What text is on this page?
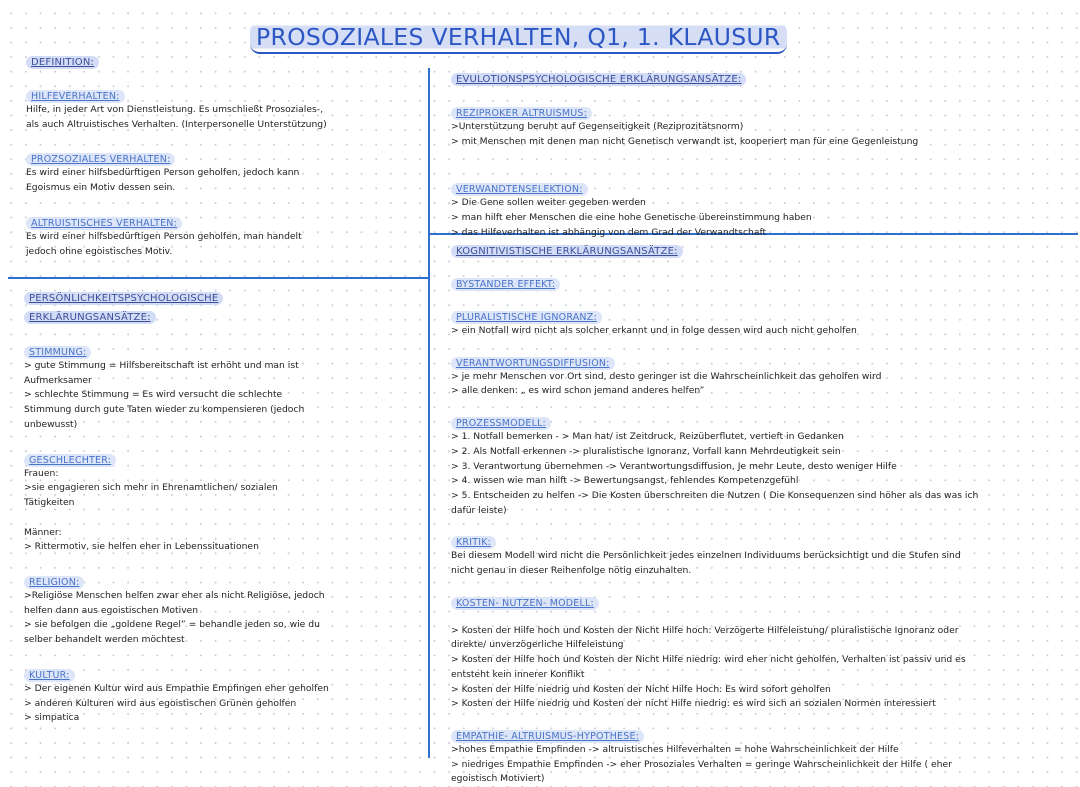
PROSOZIALES VERHALTEN, Q1, 1. KLAUSUR
DEFINITION:
HILFEVERHALTEN:

Hilfe, in jeder Art von Dienstleistung. Es umschließt Prosoziales-,

als auch Altruistisches Verhalten. (Interpersonelle Unterstützung)

PROZSOZIALES VERHALTEN:

Es wird einer hilfsbedürftigen Person geholfen, jedoch kann

Egoismus ein Motiv dessen sein.

ALTRUISTISCHES VERHALTEN:

Es wird einer hilfsbedürftigen Person geholfen, man handelt

jedoch ohne egoistisches Motiv.

PERSÖNLICHKEITSPSYCHOLOGISCHE
ERKLÄRUNGSANSÄTZE:
STIMMUNG:

> gute Stimmung = Hilfsbereitschaft ist erhöht und man ist

Aufmerksamer

> schlechte Stimmung = Es wird versucht die schlechte

Stimmung durch gute Taten wieder zu kompensieren (jedoch

unbewusst)

GESCHLECHTER:

Frauen:

>sie engagieren sich mehr in Ehrenamtlichen/ sozialen

Tätigkeiten

Männer:

> Rittermotiv, sie helfen eher in Lebenssituationen

RELIGION:

>Religiöse Menschen helfen zwar eher als nicht Religiöse, jedoch

helfen dann aus egoistischen Motiven

> sie befolgen die „goldene Regel” = behandle jeden so, wie du

selber behandelt werden möchtest

KULTUR:

> Der eigenen Kultur wird aus Empathie Empfingen eher geholfen

> anderen Kulturen wird aus egoistischen Grünen geholfen

> simpatica

EVULOTIONSPSYCHOLOGISCHE ERKLÄRUNGSANSÄTZE:
REZIPROKER ALTRUISMUS:

>Unterstützung beruht auf Gegenseitigkeit (Reziprozitätsnorm)

> mit Menschen mit denen man nicht Genetisch verwandt ist, kooperiert man für eine Gegenleistung

VERWANDTENSELEKTION:

> Die Gene sollen weiter gegeben werden

> man hilft eher Menschen die eine hohe Genetische übereinstimmung haben

> das Hilfeverhalten ist abhängig von dem Grad der Verwandtschaft

KOGNITIVISTISCHE ERKLÄRUNGSANSÄTZE:
BYSTANDER EFFEKT:
PLURALISTISCHE IGNORANZ:

> ein Notfall wird nicht als solcher erkannt und in folge dessen wird auch nicht geholfen

VERANTWORTUNGSDIFFUSION:

> je mehr Menschen vor Ort sind, desto geringer ist die Wahrscheinlichkeit das geholfen wird

> alle denken: „ es wird schon jemand anderes helfen”

PROZESSMODELL:

> 1. Notfall bemerken - > Man hat/ ist Zeitdruck, Reizüberflutet, vertieft in Gedanken

> 2. Als Notfall erkennen -> pluralistische Ignoranz, Vorfall kann Mehrdeutigkeit sein

> 3. Verantwortung übernehmen -> Verantwortungsdiffusion, Je mehr Leute, desto weniger Hilfe

> 4. wissen wie man hilft -> Bewertungsangst, fehlendes Kompetenzgefühl

> 5. Entscheiden zu helfen -> Die Kosten überschreiten die Nutzen ( Die Konsequenzen sind höher als das was ich

dafür leiste)

KRITIK:

Bei diesem Modell wird nicht die Persönlichkeit jedes einzelnen Individuums berücksichtigt und die Stufen sind

nicht genau in dieser Reihenfolge nötig einzuhalten.

KOSTEN- NUTZEN- MODELL:

> Kosten der Hilfe hoch und Kosten der Nicht Hilfe hoch: Verzögerte Hilfeleistung/ pluralistische Ignoranz oder

direkte/ unverzögerliche Hilfeleistung

> Kosten der Hilfe hoch und Kosten der Nicht Hilfe niedrig: wird eher nicht geholfen, Verhalten ist passiv und es

entsteht kein innerer Konflikt

> Kosten der Hilfe niedrig und Kosten der Nicht Hilfe Hoch: Es wird sofort geholfen

> Kosten der Hilfe niedrig und Kosten der nicht Hilfe niedrig: es wird sich an sozialen Normen interessiert

EMPATHIE- ALTRUISMUS-HYPOTHESE:

>hohes Empathie Empfinden -> altruistisches Hilfeverhalten = hohe Wahrscheinlichkeit der Hilfe

> niedriges Empathie Empfinden -> eher Prosoziales Verhalten = geringe Wahrscheinlichkeit der Hilfe ( eher

egoistisch Motiviert)
